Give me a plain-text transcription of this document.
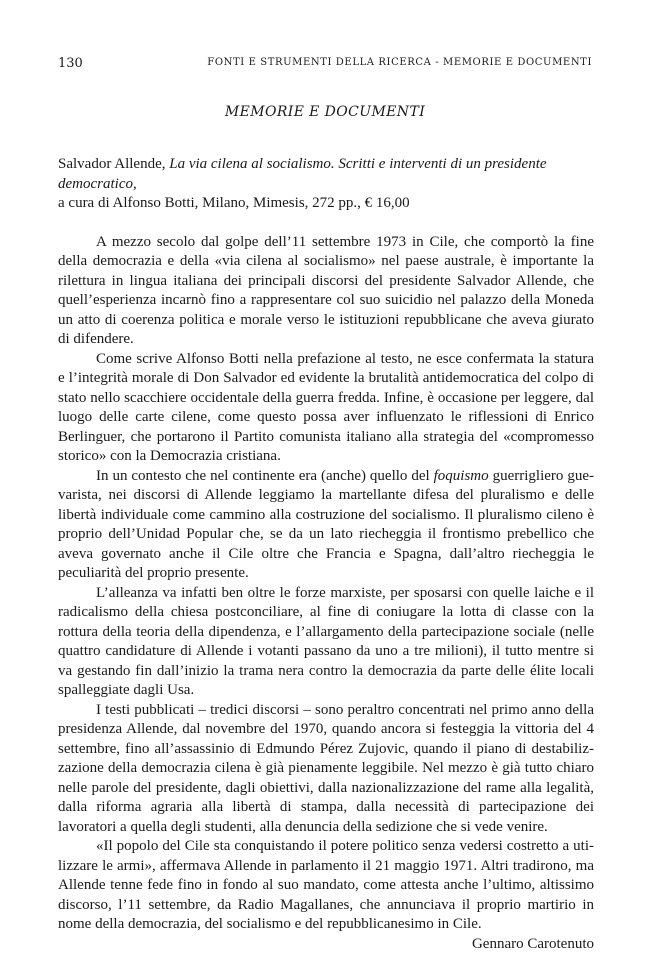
130	FONTI E STRUMENTI DELLA RICERCA - MEMORIE E DOCUMENTI
MEMORIE E DOCUMENTI

Salvador Allende, La via cilena al socialismo. Scritti e interventi di un presidente democratico,
a cura di Alfonso Botti, Milano, Mimesis, 272 pp., € 16,00

A mezzo secolo dal golpe dell’11 settembre 1973 in Cile, che comportò la fine della democrazia e della «via cilena al socialismo» nel paese australe, è importante la rilettura in lingua italiana dei principali discorsi del presidente Salvador Allende, che quell’esperienza incarnò fino a rappresentare col suo suicidio nel palazzo della Moneda un atto di coerenza politica e morale verso le istituzioni repubblicane che aveva giurato di difendere.

Come scrive Alfonso Botti nella prefazione al testo, ne esce confermata la statura e l’integrità morale di Don Salvador ed evidente la brutalità antidemocratica del colpo di stato nello scacchiere occidentale della guerra fredda. Infine, è occasione per leggere, dal luogo delle carte cilene, come questo possa aver influenzato le riflessioni di Enrico Berlinguer, che portarono il Partito comunista italiano alla strategia del «compromesso storico» con la Democrazia cristiana.

In un contesto che nel continente era (anche) quello del foquismo guerrigliero guevarista, nei discorsi di Allende leggiamo la martellante difesa del pluralismo e delle libertà individuale come cammino alla costruzione del socialismo. Il pluralismo cileno è proprio dell’Unidad Popular che, se da un lato riecheggia il frontismo prebellico che aveva governato anche il Cile oltre che Francia e Spagna, dall’altro riecheggia le peculiarità del proprio presente.

L’alleanza va infatti ben oltre le forze marxiste, per sposarsi con quelle laiche e il radicalismo della chiesa postconciliare, al fine di coniugare la lotta di classe con la rottura della teoria della dipendenza, e l’allargamento della partecipazione sociale (nelle quattro candidature di Allende i votanti passano da uno a tre milioni), il tutto mentre si va gestando fin dall’inizio la trama nera contro la democrazia da parte delle élite locali spalleggiate dagli Usa.

I testi pubblicati – tredici discorsi – sono peraltro concentrati nel primo anno della presidenza Allende, dal novembre del 1970, quando ancora si festeggia la vittoria del 4 settembre, fino all’assassinio di Edmundo Pérez Zujovic, quando il piano di destabilizzazione della democrazia cilena è già pienamente leggibile. Nel mezzo è già tutto chiaro nelle parole del presidente, dagli obiettivi, dalla nazionalizzazione del rame alla legalità, dalla riforma agraria alla libertà di stampa, dalla necessità di partecipazione dei lavoratori a quella degli studenti, alla denuncia della sedizione che si vede venire.

«Il popolo del Cile sta conquistando il potere politico senza vedersi costretto a utilizzare le armi», affermava Allende in parlamento il 21 maggio 1971. Altri tradirono, ma Allende tenne fede fino in fondo al suo mandato, come attesta anche l’ultimo, altissimo discorso, l’11 settembre, da Radio Magallanes, che annunciava il proprio martirio in nome della democrazia, del socialismo e del repubblicanesimo in Cile.

Gennaro Carotenuto
